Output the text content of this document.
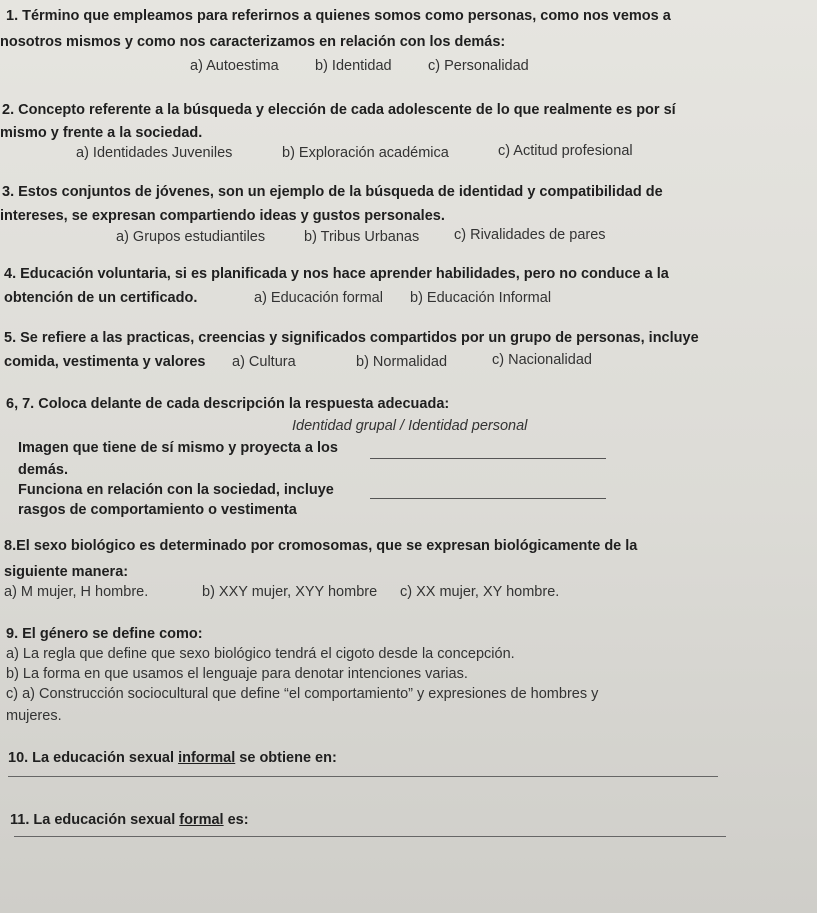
1. Término que empleamos para referirnos a quienes somos como personas, como nos vemos a
nosotros mismos y como nos caracterizamos en relación con los demás:
a) Autoestima	b) Identidad	c) Personalidad
2. Concepto referente a la búsqueda y elección de cada adolescente de lo que realmente es por sí
mismo y frente a la sociedad.
a) Identidades Juveniles	b) Exploración académica	c) Actitud profesional
3. Estos conjuntos de jóvenes, son un ejemplo de la búsqueda de identidad y compatibilidad de
intereses, se expresan compartiendo ideas y gustos personales.
a) Grupos estudiantiles	b) Tribus Urbanas c) Rivalidades de pares
4. Educación voluntaria, si es planificada y nos hace aprender habilidades, pero no conduce a la
obtención de un certificado.	a) Educación formal b) Educación Informal
5. Se refiere a las practicas, creencias y significados compartidos por un grupo de personas, incluye
comida, vestimenta y valores a) Cultura	b) Normalidad	c) Nacionalidad
6, 7. Coloca delante de cada descripción la respuesta adecuada:
Identidad grupal / Identidad personal
Imagen que tiene de sí mismo y proyecta a los
demás.
Funciona en relación con la sociedad, incluye
rasgos de comportamiento o vestimenta
8.El sexo biológico es determinado por cromosomas, que se expresan biológicamente de la
siguiente manera:
a) M mujer, H hombre.	b) XXY mujer, XYY hombre c) XX mujer, XY hombre.
9. El género se define como:
a) La regla que define que sexo biológico tendrá el cigoto desde la concepción.
b) La forma en que usamos el lenguaje para denotar intenciones varias.
c) a) Construcción sociocultural que define “el comportamiento” y expresiones de hombres y
mujeres.
10. La educación sexual informal se obtiene en:
11. La educación sexual formal es:
